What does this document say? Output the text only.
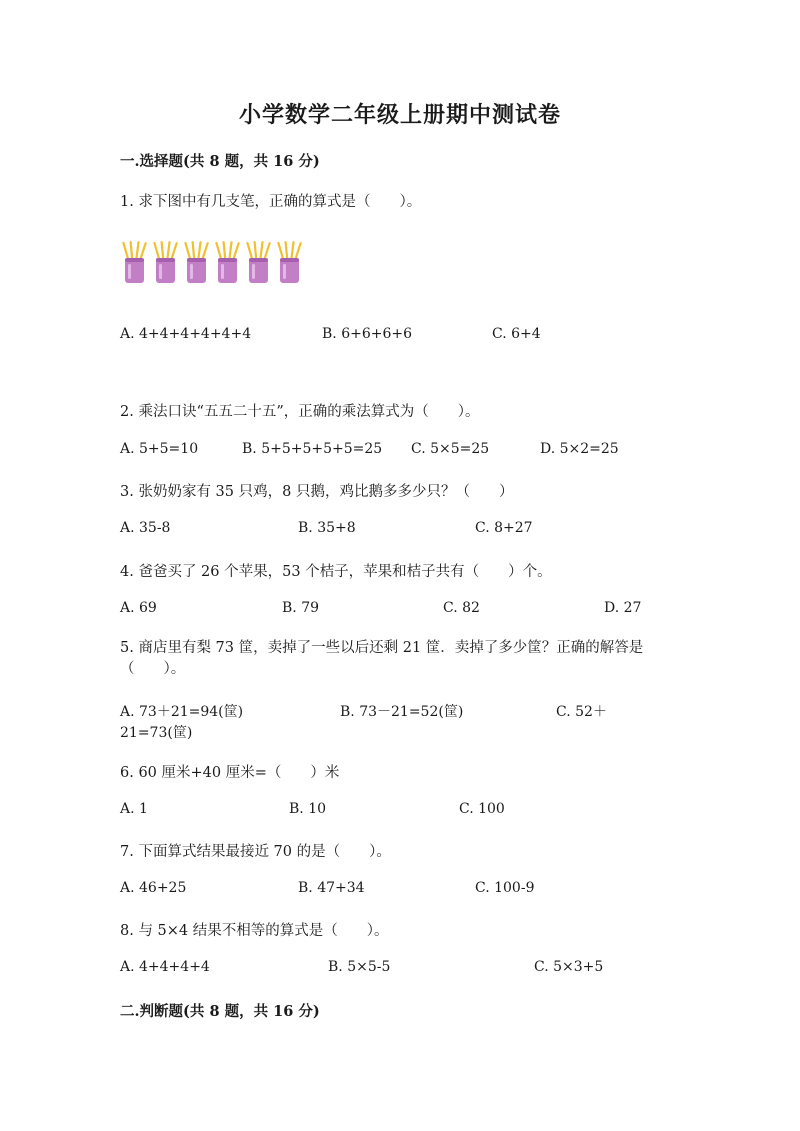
小学数学二年级上册期中测试卷
一.选择题(共 8 题，共 16 分)
1. 求下图中有几支笔，正确的算式是（　　）。
A. 4+4+4+4+4+4	B. 6+6+6+6	C. 6+4
2. 乘法口诀“五五二十五”，正确的乘法算式为（　　）。
A. 5+5=10	B. 5+5+5+5+5=25 C. 5×5=25	D. 5×2=25
3. 张奶奶家有 35 只鸡，8 只鹅，鸡比鹅多多少只？（　　）
A. 35-8	B. 35+8	C. 8+27
4. 爸爸买了 26 个苹果，53 个桔子，苹果和桔子共有（　　）个。
A. 69	B. 79	C. 82	D. 27
5. 商店里有梨 73 筐，卖掉了一些以后还剩 21 筐．卖掉了多少筐？正确的解答是（　　）。
A. 73＋21=94(筐)	B. 73－21=52(筐)	C. 52＋
21=73(筐)
6. 60 厘米+40 厘米=（　　）米
A. 1	B. 10	C. 100
7. 下面算式结果最接近 70 的是（　　）。
A. 46+25	B. 47+34	C. 100-9
8. 与 5×4 结果不相等的算式是（　　）。
A. 4+4+4+4	B. 5×5-5	C. 5×3+5
二.判断题(共 8 题，共 16 分)
